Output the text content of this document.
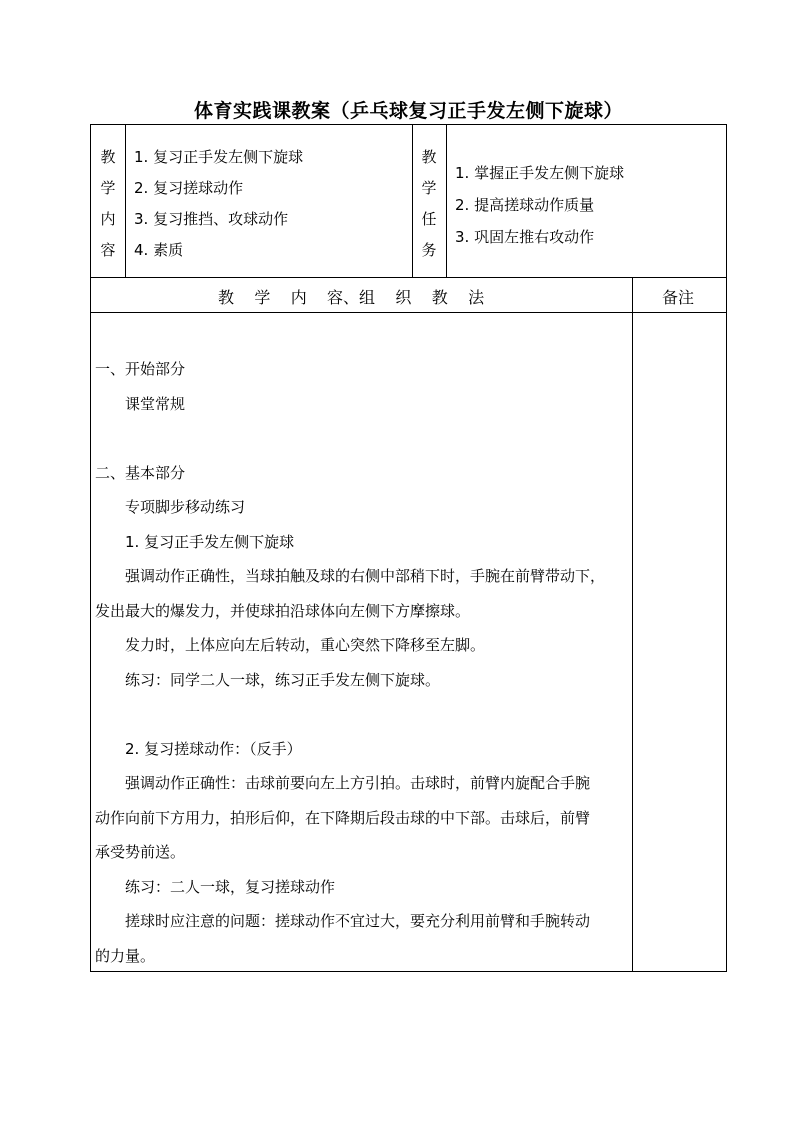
体育实践课教案（乒乓球复习正手发左侧下旋球）
教
学
内
容
1. 复习正手发左侧下旋球
2. 复习搓球动作
3. 复习推挡、攻球动作
4. 素质
教
学
任
务
1. 掌握正手发左侧下旋球
2. 提高搓球动作质量
3. 巩固左推右攻动作
教    学    内    容、组    织    教    法	备注

一、开始部分

课堂常规

二、基本部分

专项脚步移动练习

1. 复习正手发左侧下旋球

强调动作正确性，当球拍触及球的右侧中部稍下时，手腕在前臂带动下，

发出最大的爆发力，并使球拍沿球体向左侧下方摩擦球。

发力时，上体应向左后转动，重心突然下降移至左脚。

练习：同学二人一球，练习正手发左侧下旋球。

2. 复习搓球动作：（反手）

强调动作正确性：击球前要向左上方引拍。击球时，前臂内旋配合手腕

动作向前下方用力，拍形后仰，在下降期后段击球的中下部。击球后，前臂

承受势前送。

练习：二人一球，复习搓球动作

搓球时应注意的问题：搓球动作不宜过大，要充分利用前臂和手腕转动

的力量。
